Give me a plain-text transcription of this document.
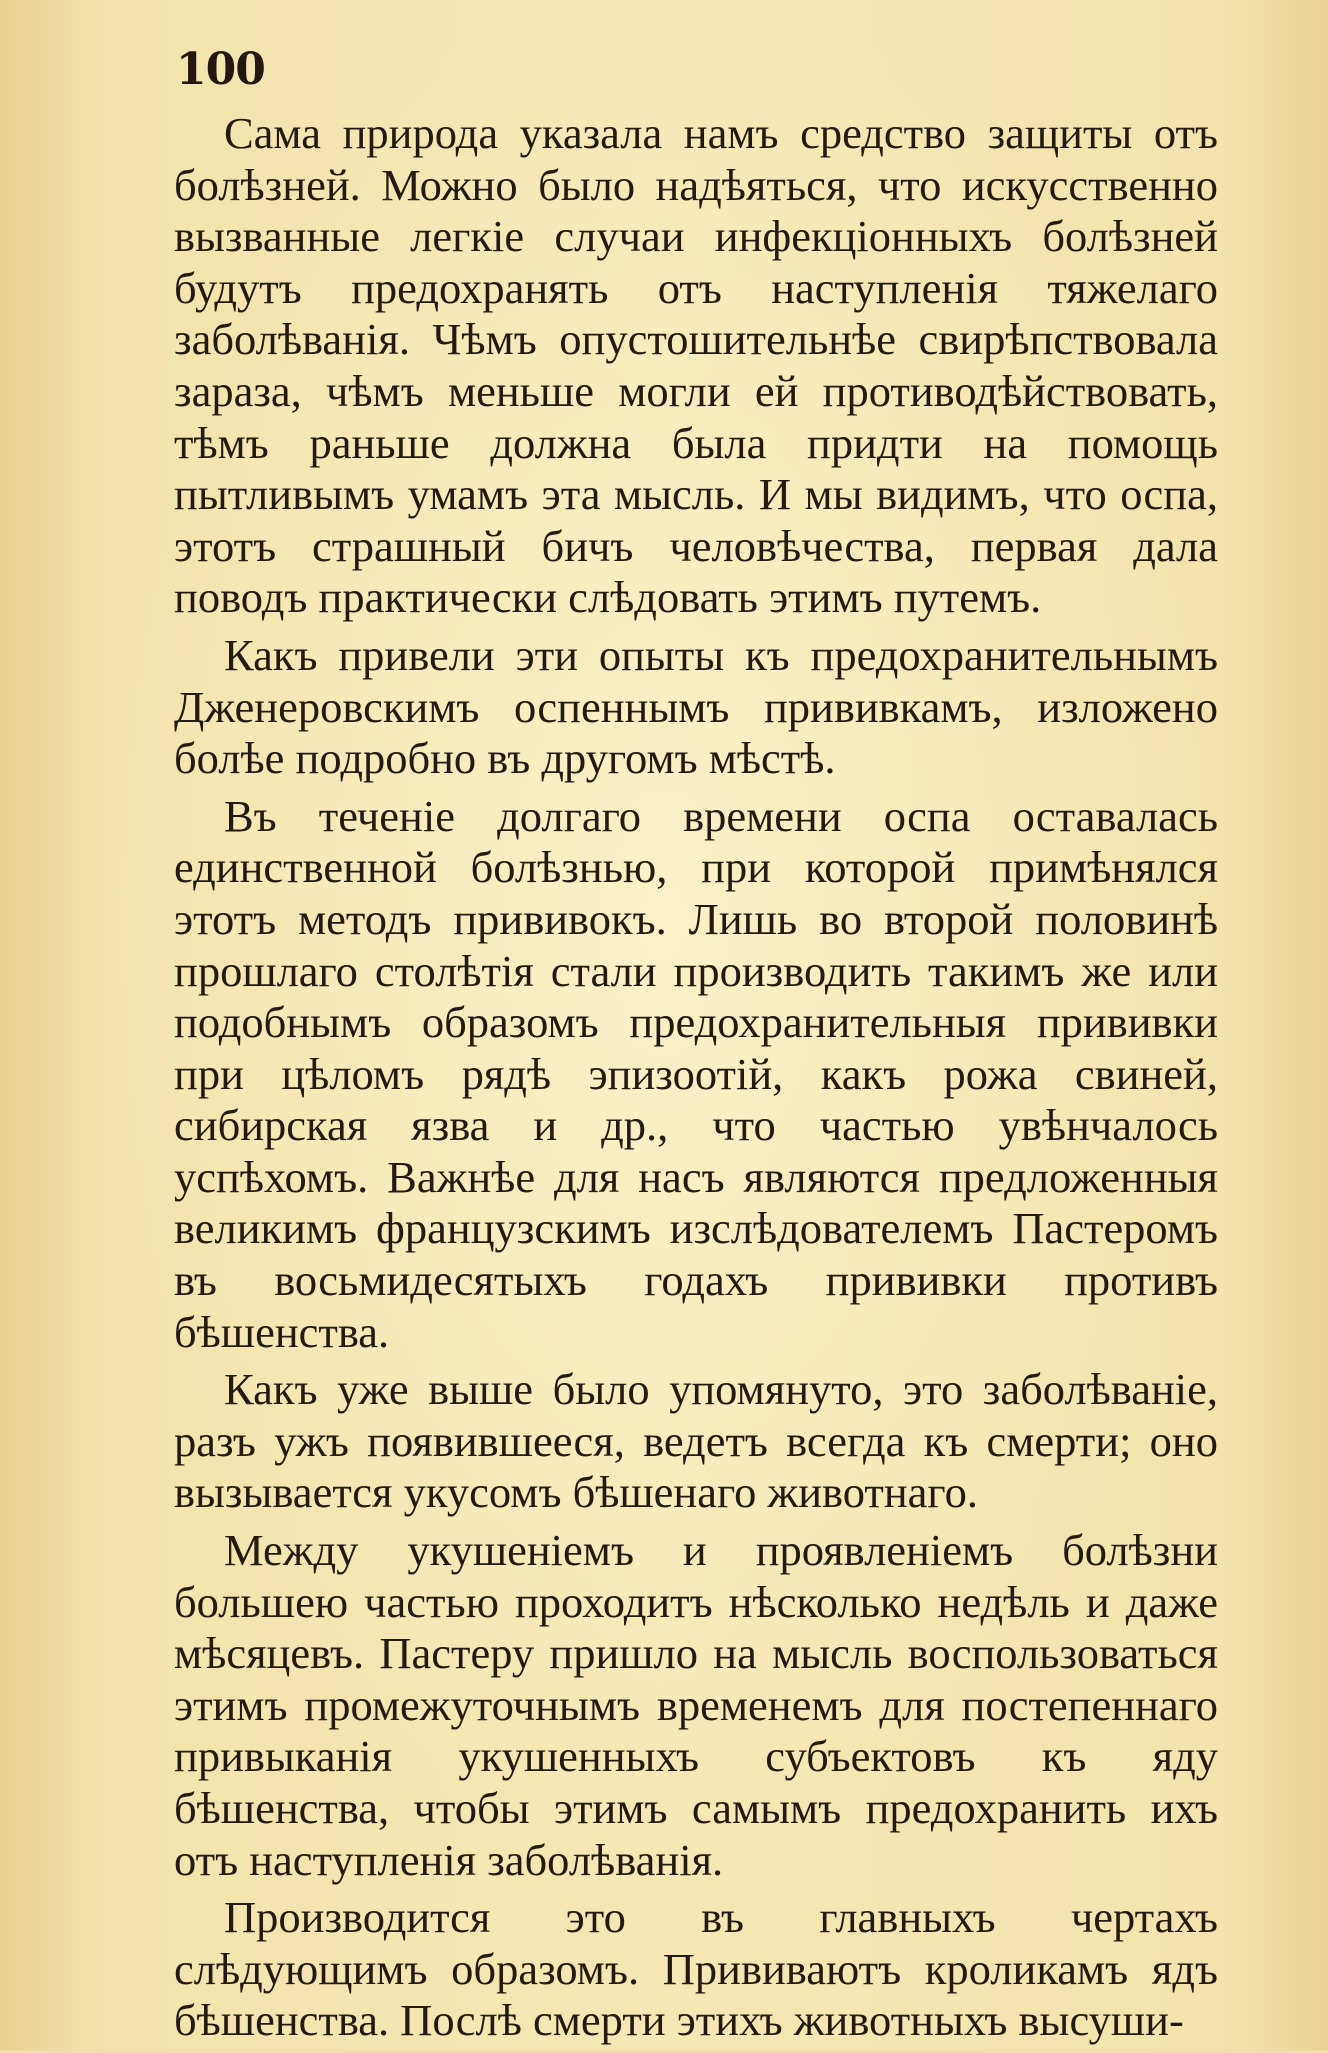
100

Сама природа указала намъ средство защиты отъ болѣзней. Можно было надѣяться, что искусственно вызванные легкіе случаи инфекціонныхъ болѣзней будутъ предохранять отъ наступленія тяжелаго заболѣванія. Чѣмъ опустошительнѣе свирѣпствовала зараза, чѣмъ меньше могли ей противодѣйствовать, тѣмъ раньше должна была придти на помощь пытливымъ умамъ эта мысль. И мы видимъ, что оспа, этотъ страшный бичъ человѣчества, первая дала поводъ практически слѣдовать этимъ путемъ.

Какъ привели эти опыты къ предохранительнымъ Дженеровскимъ оспеннымъ прививкамъ, изложено болѣе подробно въ другомъ мѣстѣ.

Въ теченіе долгаго времени оспа оставалась единственной болѣзнью, при которой примѣнялся этотъ методъ прививокъ. Лишь во второй половинѣ прошлаго столѣтія стали производить такимъ же или подобнымъ образомъ предохранительныя прививки при цѣломъ рядѣ эпизоотій, какъ рожа свиней, сибирская язва и др., что частью увѣнчалось успѣхомъ. Важнѣе для насъ являются предложенныя великимъ французскимъ изслѣдователемъ Пастеромъ въ восьмидесятыхъ годахъ прививки противъ бѣшенства.

Какъ уже выше было упомянуто, это заболѣваніе, разъ ужъ появившееся, ведетъ всегда къ смерти; оно вызывается укусомъ бѣшенаго животнаго.

Между укушеніемъ и проявленіемъ болѣзни большею частью проходитъ нѣсколько недѣль и даже мѣсяцевъ. Пастеру пришло на мысль воспользоваться этимъ промежуточнымъ временемъ для постепеннаго привыканія укушенныхъ субъектовъ къ яду бѣшенства, чтобы этимъ самымъ предохранить ихъ отъ наступленія заболѣванія.

Производится это въ главныхъ чертахъ слѣдующимъ образомъ. Прививаютъ кроликамъ ядъ бѣшенства. Послѣ смерти этихъ животныхъ высуши-
